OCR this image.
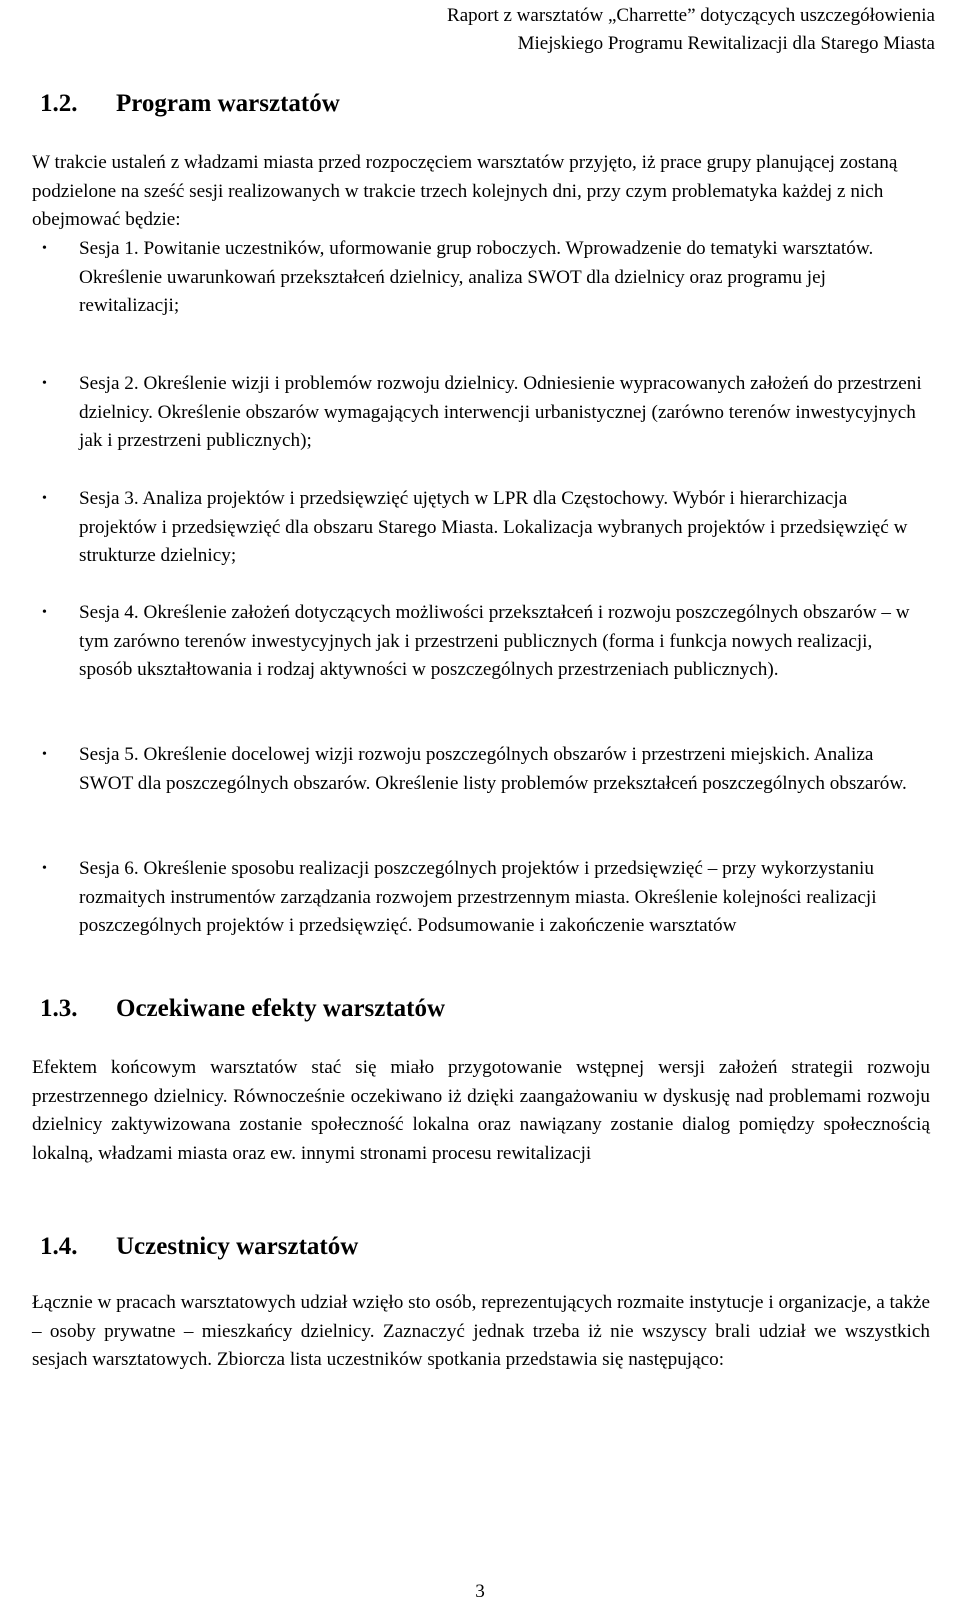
Raport z warsztatów „Charrette” dotyczących uszczegółowienia
Miejskiego Programu Rewitalizacji dla Starego Miasta
1.2. Program warsztatów
W trakcie ustaleń z władzami miasta przed rozpoczęciem warsztatów przyjęto, iż prace grupy planującej zostaną podzielone na sześć sesji realizowanych w trakcie trzech kolejnych dni, przy czym problematyka każdej z nich obejmować będzie:
• Sesja 1. Powitanie uczestników, uformowanie grup roboczych. Wprowadzenie do tematyki warsztatów. Określenie uwarunkowań przekształceń dzielnicy, analiza SWOT dla dzielnicy oraz programu jej rewitalizacji;
• Sesja 2. Określenie wizji i problemów rozwoju dzielnicy. Odniesienie wypracowanych założeń do przestrzeni dzielnicy. Określenie obszarów wymagających interwencji urbanistycznej (zarówno terenów inwestycyjnych jak i przestrzeni publicznych);
• Sesja 3. Analiza projektów i przedsięwzięć ujętych w LPR dla Częstochowy. Wybór i hierarchizacja projektów i przedsięwzięć dla obszaru Starego Miasta. Lokalizacja wybranych projektów i przedsięwzięć w strukturze dzielnicy;
• Sesja 4. Określenie założeń dotyczących możliwości przekształceń i rozwoju poszczególnych obszarów – w tym zarówno terenów inwestycyjnych jak i przestrzeni publicznych (forma i funkcja nowych realizacji, sposób ukształtowania i rodzaj aktywności w poszczególnych przestrzeniach publicznych).
• Sesja 5. Określenie docelowej wizji rozwoju poszczególnych obszarów i przestrzeni miejskich. Analiza SWOT dla poszczególnych obszarów. Określenie listy problemów przekształceń poszczególnych obszarów.
• Sesja 6. Określenie sposobu realizacji poszczególnych projektów i przedsięwzięć – przy wykorzystaniu rozmaitych instrumentów zarządzania rozwojem przestrzennym miasta. Określenie kolejności realizacji poszczególnych projektów i przedsięwzięć. Podsumowanie i zakończenie warsztatów
1.3. Oczekiwane efekty warsztatów
Efektem końcowym warsztatów stać się miało przygotowanie wstępnej wersji założeń strategii rozwoju przestrzennego dzielnicy. Równocześnie oczekiwano iż dzięki zaangażowaniu w dyskusję nad problemami rozwoju dzielnicy zaktywizowana zostanie społeczność lokalna oraz nawiązany zostanie dialog pomiędzy społecznością lokalną, władzami miasta oraz ew. innymi stronami procesu rewitalizacji
1.4. Uczestnicy warsztatów
Łącznie w pracach warsztatowych udział wzięło sto osób, reprezentujących rozmaite instytucje i organizacje, a także – osoby prywatne – mieszkańcy dzielnicy. Zaznaczyć jednak trzeba iż nie wszyscy brali udział we wszystkich sesjach warsztatowych. Zbiorcza lista uczestników spotkania przedstawia się następująco:
3
